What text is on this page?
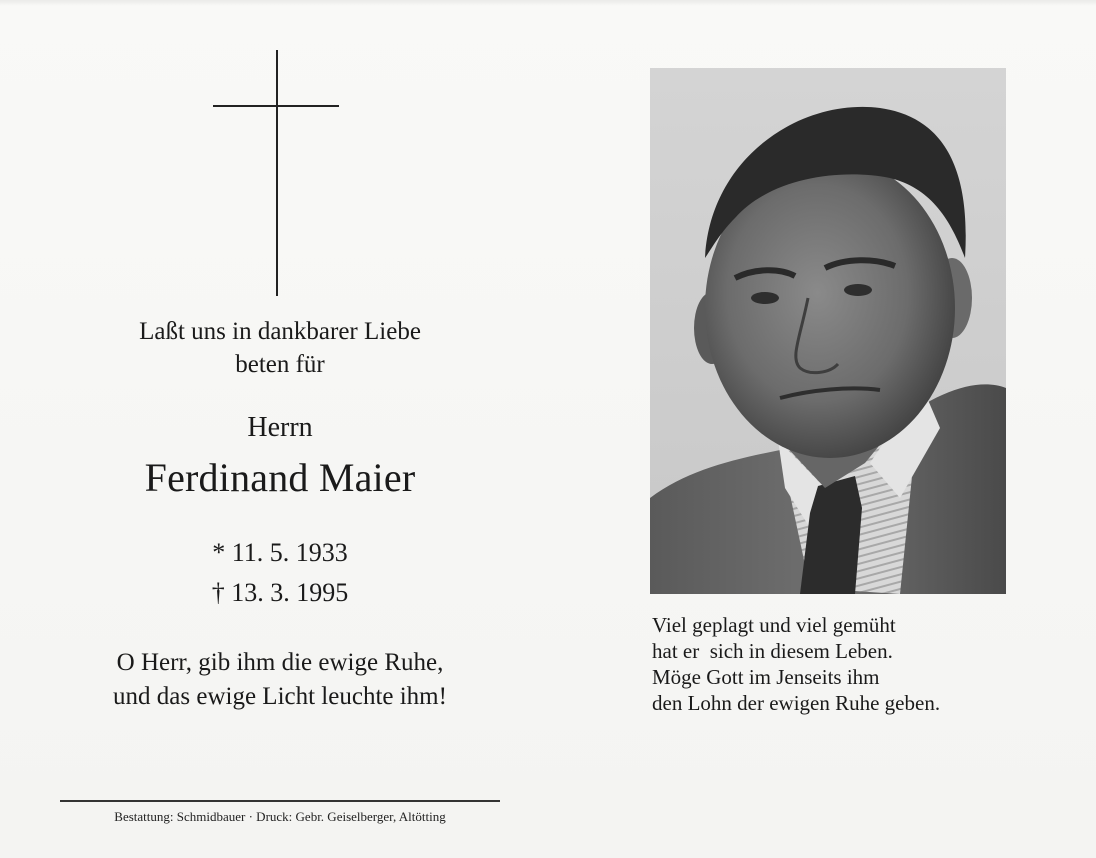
Laßt uns in dankbarer Liebe
beten für
Herrn
Ferdinand Maier
* 11. 5. 1933
† 13. 3. 1995
O Herr, gib ihm die ewige Ruhe,
und das ewige Licht leuchte ihm!
Bestattung: Schmidbauer · Druck: Gebr. Geiselberger, Altötting
Viel geplagt und viel gemüht
hat er  sich in diesem Leben.
Möge Gott im Jenseits ihm
den Lohn der ewigen Ruhe geben.
